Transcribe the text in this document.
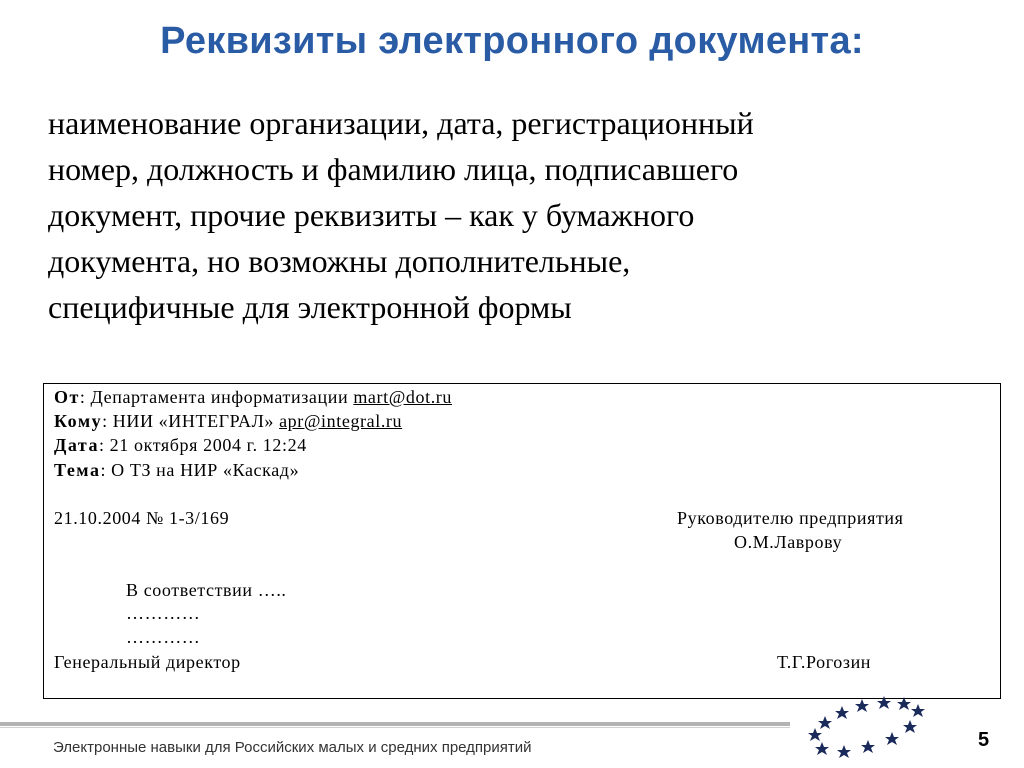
Реквизиты электронного документа:
наименование организации, дата, регистрационный
номер, должность и фамилию лица, подписавшего
документ, прочие реквизиты – как у бумажного
документа, но возможны дополнительные,
специфичные для электронной формы
От: Департамента информатизации mart@dot.ru
Кому: НИИ «ИНТЕГРАЛ» apr@integral.ru
Дата: 21 октября 2004 г. 12:24
Тема: О ТЗ на НИР «Каскад»
21.10.2004 № 1-3/169	Руководителю предприятия
О.М.Лаврову
В соответствии …..
…………
…………
Генеральный директор	Т.Г.Рогозин
Электронные навыки для Российских малых и средних предприятий	5
